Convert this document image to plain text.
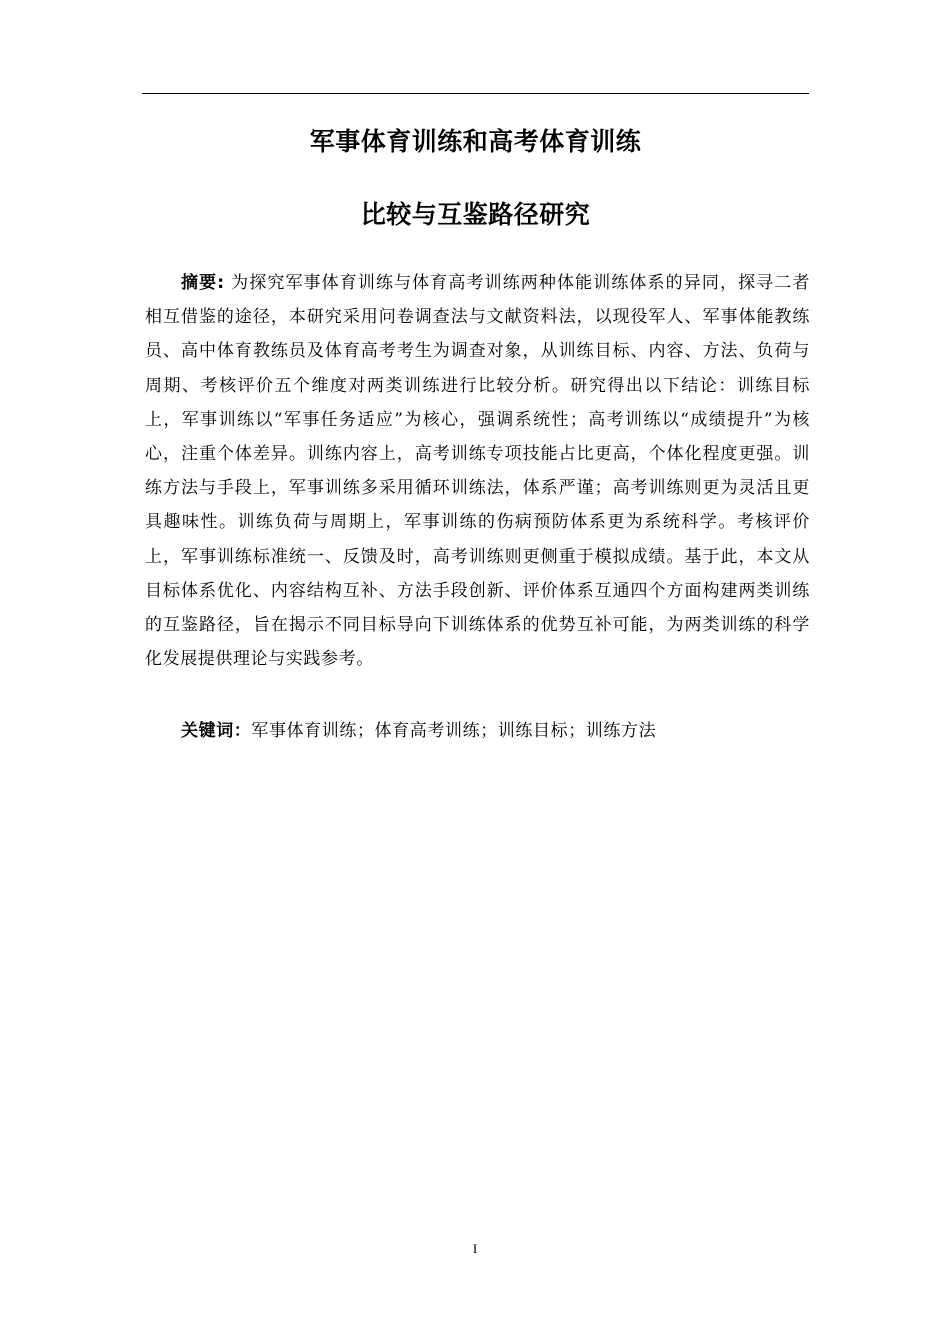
军事体育训练和高考体育训练
比较与互鉴路径研究

摘要: 为探究军事体育训练与体育高考训练两种体能训练体系的异同，探寻二者相互借鉴的途径，本研究采用问卷调查法与文献资料法，以现役军人、军事体能教练员、高中体育教练员及体育高考考生为调查对象，从训练目标、内容、方法、负荷与周期、考核评价五个维度对两类训练进行比较分析。研究得出以下结论：训练目标上，军事训练以“军事任务适应”为核心，强调系统性；高考训练以“成绩提升”为核心，注重个体差异。训练内容上，高考训练专项技能占比更高，个体化程度更强。训练方法与手段上，军事训练多采用循环训练法，体系严谨；高考训练则更为灵活且更具趣味性。训练负荷与周期上，军事训练的伤病预防体系更为系统科学。考核评价上，军事训练标准统一、反馈及时，高考训练则更侧重于模拟成绩。基于此，本文从目标体系优化、内容结构互补、方法手段创新、评价体系互通四个方面构建两类训练的互鉴路径，旨在揭示不同目标导向下训练体系的优势互补可能，为两类训练的科学化发展提供理论与实践参考。

关键词：军事体育训练；体育高考训练；训练目标；训练方法

I
